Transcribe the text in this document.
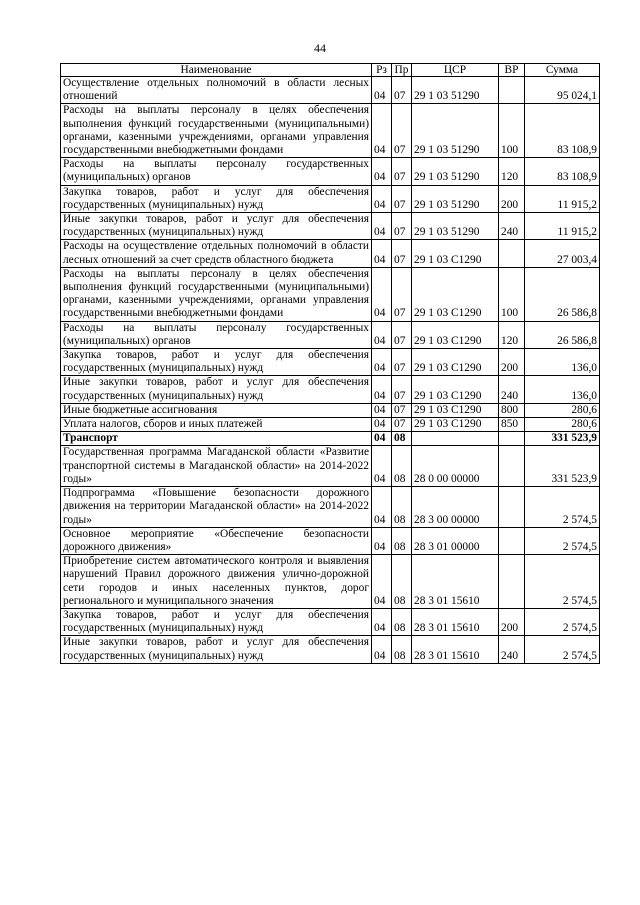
44
Наименование	Рз	Пр	ЦСР	ВР	Сумма
Осуществление отдельных полномочий в области лесных отношений	04	07	29 1 03 51290		95 024,1
Расходы на выплаты персоналу в целях обеспечения выполнения функций государственными (муниципальными) органами, казенными учреждениями, органами управления государственными внебюджетными фондами	04	07	29 1 03 51290	100	83 108,9
Расходы на выплаты персоналу государственных (муниципальных) органов	04	07	29 1 03 51290	120	83 108,9
Закупка товаров, работ и услуг для обеспечения государственных (муниципальных) нужд	04	07	29 1 03 51290	200	11 915,2
Иные закупки товаров, работ и услуг для обеспечения государственных (муниципальных) нужд	04	07	29 1 03 51290	240	11 915,2
Расходы на осуществление отдельных полномочий в области лесных отношений за счет средств областного бюджета	04	07	29 1 03 С1290		27 003,4
Расходы на выплаты персоналу в целях обеспечения выполнения функций государственными (муниципальными) органами, казенными учреждениями, органами управления государственными внебюджетными фондами	04	07	29 1 03 С1290	100	26 586,8
Расходы на выплаты персоналу государственных (муниципальных) органов	04	07	29 1 03 С1290	120	26 586,8
Закупка товаров, работ и услуг для обеспечения государственных (муниципальных) нужд	04	07	29 1 03 С1290	200	136,0
Иные закупки товаров, работ и услуг для обеспечения государственных (муниципальных) нужд	04	07	29 1 03 С1290	240	136,0
Иные бюджетные ассигнования	04	07	29 1 03 С1290	800	280,6
Уплата налогов, сборов и иных платежей	04	07	29 1 03 С1290	850	280,6
Транспорт	04	08			331 523,9
Государственная программа Магаданской области «Развитие транспортной системы в Магаданской области» на 2014-2022 годы»	04	08	28 0 00 00000		331 523,9
Подпрограмма «Повышение безопасности дорожного движения на территории Магаданской области» на 2014-2022 годы»	04	08	28 3 00 00000		2 574,5
Основное мероприятие «Обеспечение безопасности дорожного движения»	04	08	28 3 01 00000		2 574,5
Приобретение систем автоматического контроля и выявления нарушений Правил дорожного движения улично-дорожной сети городов и иных населенных пунктов, дорог регионального и муниципального значения	04	08	28 3 01 15610		2 574,5
Закупка товаров, работ и услуг для обеспечения государственных (муниципальных) нужд	04	08	28 3 01 15610	200	2 574,5
Иные закупки товаров, работ и услуг для обеспечения государственных (муниципальных) нужд	04	08	28 3 01 15610	240	2 574,5
